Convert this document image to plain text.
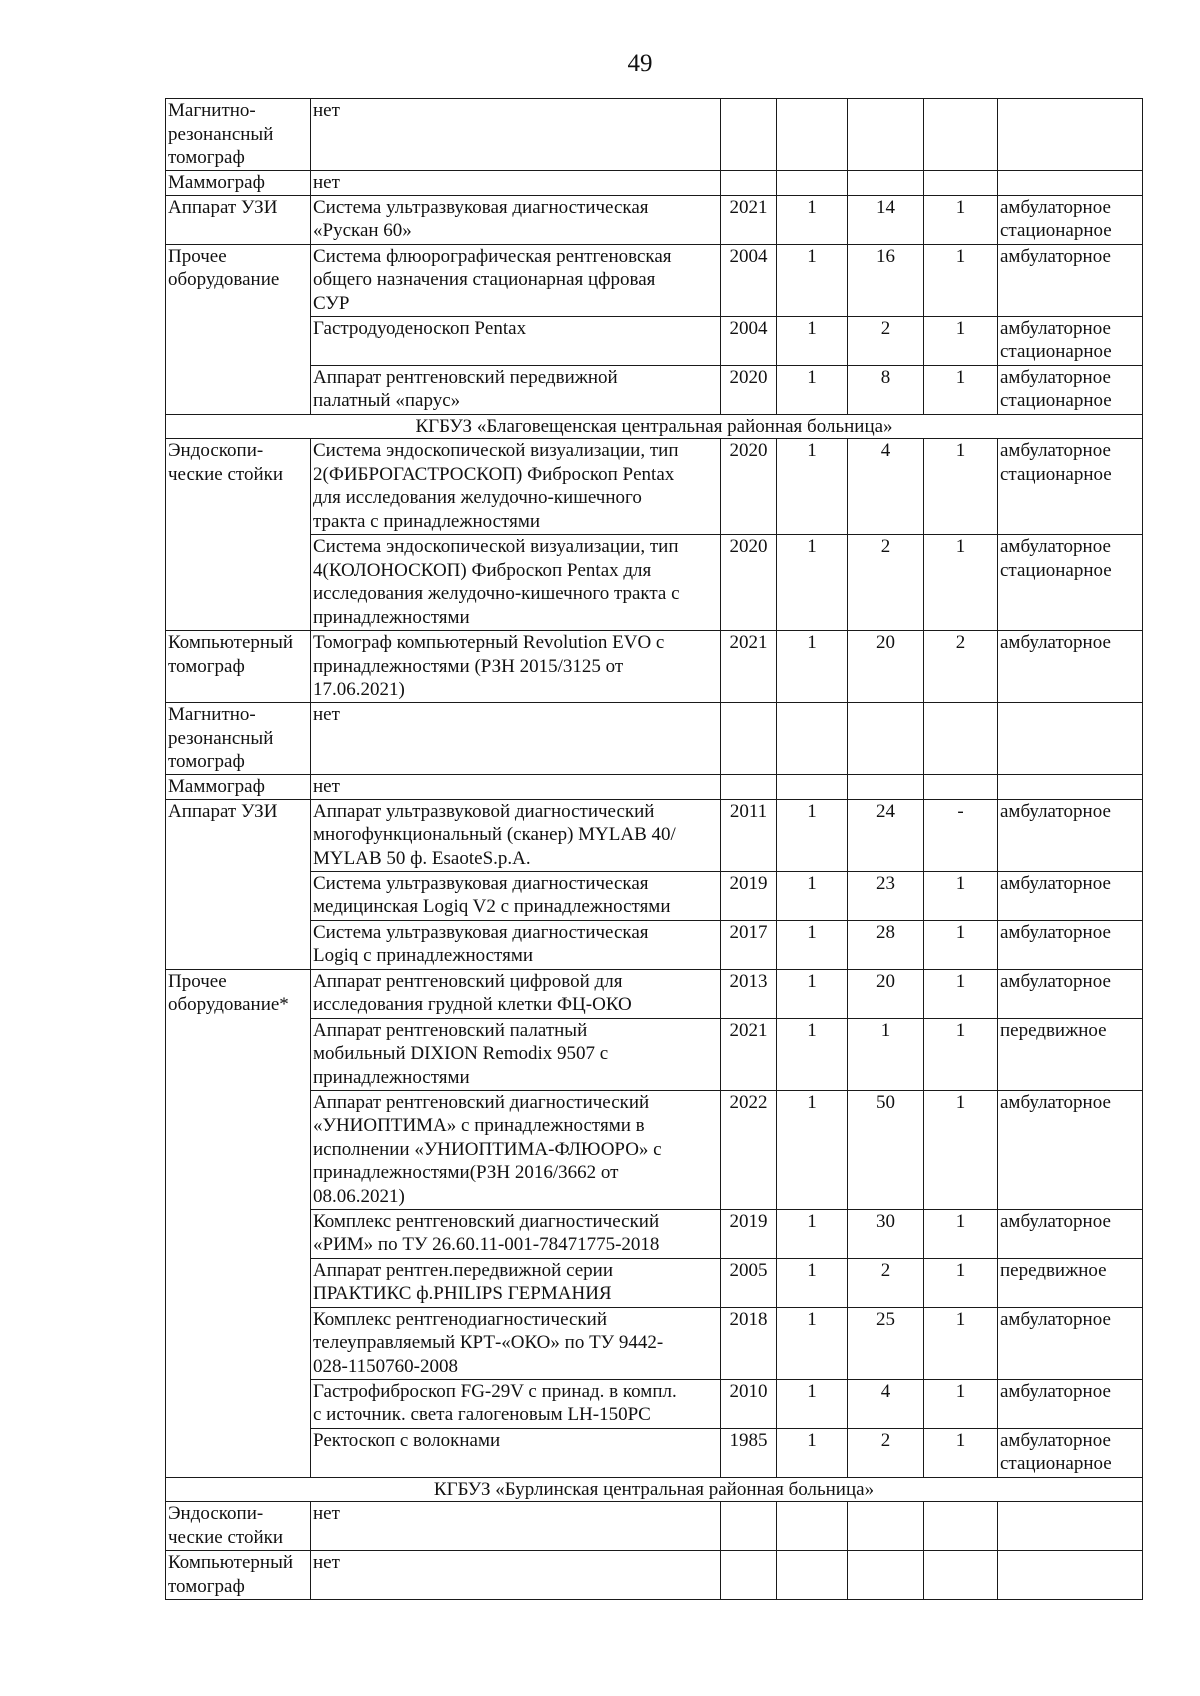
49
Магнитно-
резонансный
томограф	нет					
Маммограф	нет					
Аппарат УЗИ	Система ультразвуковая диагностическая
«Рускан 60»	2021	1	14	1	амбулаторное
стационарное
Прочее
оборудование	Система флюорографическая рентгеновская
общего назначения стационарная цфровая
СУР	2004	1	16	1	амбулаторное
	Гастродуоденоскоп Pentax	2004	1	2	1	амбулаторное
стационарное
	Аппарат рентгеновский передвижной
палатный «парус»	2020	1	8	1	амбулаторное
стационарное
КГБУЗ «Благовещенская центральная районная больница»						
Эндоскопи-
ческие стойки	Система эндоскопической визуализации, тип
2(ФИБРОГАСТРОСКОП) Фиброскоп Pentax
для исследования желудочно-кишечного
тракта с принадлежностями	2020	1	4	1	амбулаторное
стационарное
	Система эндоскопической визуализации, тип
4(КОЛОНОСКОП) Фиброскоп Pentax для
исследования желудочно-кишечного тракта с
принадлежностями	2020	1	2	1	амбулаторное
стационарное
Компьютерный
томограф	Томограф компьютерный Revolution EVO с
принадлежностями (РЗН 2015/3125 от
17.06.2021)	2021	1	20	2	амбулаторное
Магнитно-
резонансный
томограф	нет					
Маммограф	нет					
Аппарат УЗИ	Аппарат ультразвуковой диагностический
многофункциональный (сканер) MYLAB 40/
MYLAB 50 ф. EsaoteS.p.A.	2011	1	24	-	амбулаторное
	Система ультразвуковая диагностическая
медицинская Logiq V2 с принадлежностями	2019	1	23	1	амбулаторное
	Система ультразвуковая диагностическая
Logiq с принадлежностями	2017	1	28	1	амбулаторное
Прочее
оборудование*	Аппарат рентгеновский цифровой для
исследования грудной клетки ФЦ-ОКО	2013	1	20	1	амбулаторное
	Аппарат рентгеновский палатный
мобильный DIXION Remodix 9507 с
принадлежностями	2021	1	1	1	передвижное
	Аппарат рентгеновский диагностический
«УНИОПТИМА» с принадлежностями в
исполнении «УНИОПТИМА-ФЛЮОРО» с
принадлежностями(РЗН 2016/3662 от
08.06.2021)	2022	1	50	1	амбулаторное
	Комплекс рентгеновский диагностический
«РИМ» по ТУ 26.60.11-001-78471775-2018	2019	1	30	1	амбулаторное
	Аппарат рентген.передвижной серии
ПРАКТИКС ф.PHILIPS ГЕРМАНИЯ	2005	1	2	1	передвижное
	Комплекс рентгенодиагностический
телеуправляемый КРТ-«ОКО» по ТУ 9442-
028-1150760-2008	2018	1	25	1	амбулаторное
	Гастрофиброскоп FG-29V с принад. в компл.
с источник. света галогеновым LH-150PC	2010	1	4	1	амбулаторное
	Ректоскоп с волокнами	1985	1	2	1	амбулаторное
стационарное
КГБУЗ «Бурлинская центральная районная больница»						
Эндоскопи-
ческие стойки	нет					
Компьютерный
томограф	нет					
